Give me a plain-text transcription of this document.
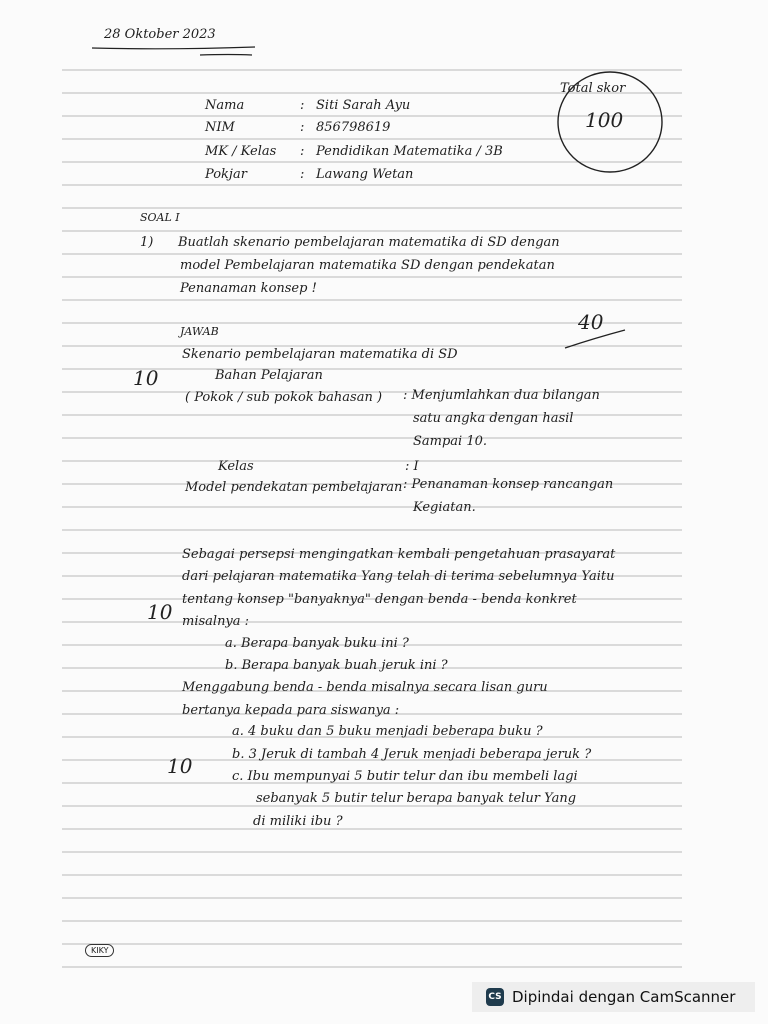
28 Oktober 2023
Total skor
100
Nama	: Siti Sarah Ayu
NIM	: 856798619
MK / Kelas : Pendidikan Matematika / 3B
Pokjar	: Lawang Wetan
SOAL I
1) Buatlah skenario pembelajaran matematika di SD dengan
model Pembelajaran matematika SD dengan pendekatan
Penanaman konsep !
JAWAB	40
Skenario pembelajaran matematika di SD
10	Bahan Pelajaran
( Pokok / sub pokok bahasan ) : Menjumlahkan dua bilangan
satu angka dengan hasil
Sampai 10.
Kelas	: I
Model pendekatan pembelajaran : Penanaman konsep rancangan
Kegiatan.
10
Sebagai persepsi mengingatkan kembali pengetahuan prasayarat
dari pelajaran matematika Yang telah di terima sebelumnya Yaitu
tentang konsep "banyaknya" dengan benda - benda konkret
misalnya :
a. Berapa banyak buku ini ?
b. Berapa banyak buah jeruk ini ?
10
Menggabung benda - benda misalnya secara lisan guru
bertanya kepada para siswanya :
a. 4 buku dan 5 buku menjadi beberapa buku ?
b. 3 Jeruk di tambah 4 Jeruk menjadi beberapa jeruk ?
c. Ibu mempunyai 5 butir telur dan ibu membeli lagi
sebanyak 5 butir telur berapa banyak telur Yang
di miliki ibu ?
KIKY
CS Dipindai dengan CamScanner
